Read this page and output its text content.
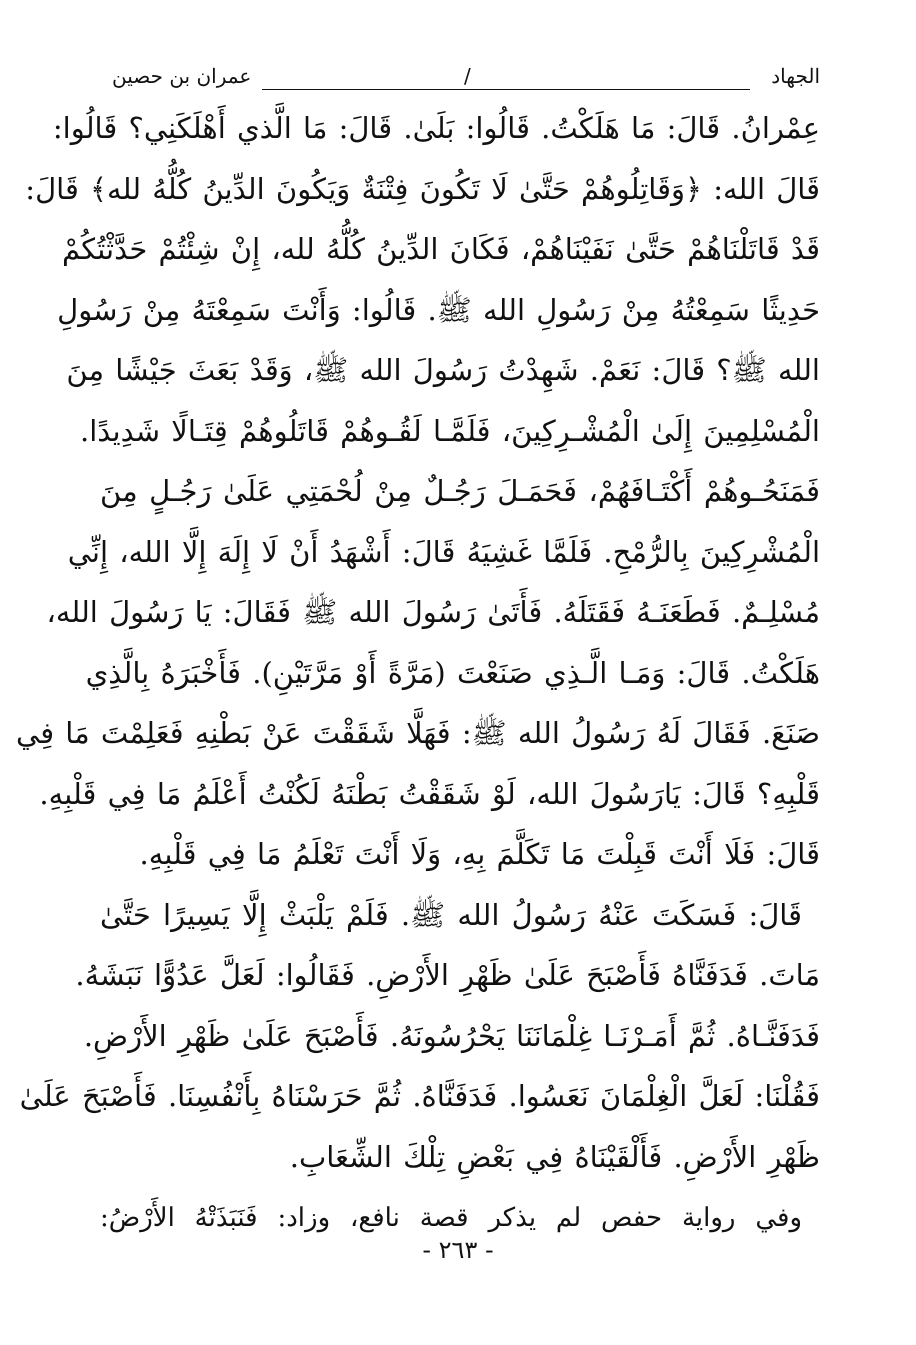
الجهاد
/
عمران بن حصين
عِمْرانُ. قَالَ: مَا هَلَكْتُ. قَالُوا: بَلَىٰ. قَالَ: مَا الَّذي أَهْلَكَنِي؟ قَالُوا:
قَالَ الله: ﴿وَقَاتِلُوهُمْ حَتَّىٰ لَا تَكُونَ فِتْنَةٌ وَيَكُونَ الدِّينُ كُلُّهُ لله﴾ قَالَ:
قَدْ قَاتَلْنَاهُمْ حَتَّىٰ نَفَيْنَاهُمْ، فَكَانَ الدِّينُ كُلُّهُ لله، إِنْ شِئْتُمْ حَدَّثْتُكُمْ
حَدِيثًا سَمِعْتُهُ مِنْ رَسُولِ الله ﷺ. قَالُوا: وَأَنْتَ سَمِعْتَهُ مِنْ رَسُولِ
الله ﷺ؟ قَالَ: نَعَمْ. شَهِدْتُ رَسُولَ الله ﷺ، وَقَدْ بَعَثَ جَيْشًا مِنَ
الْمُسْلِمِينَ إِلَىٰ الْمُشْـرِكِينَ، فَلَمَّـا لَقُـوهُمْ قَاتَلُوهُمْ قِتَـالًا شَدِيدًا.
فَمَنَحُـوهُمْ أَكْتَـافَهُمْ، فَحَمَـلَ رَجُـلٌ مِنْ لُحْمَتِي عَلَىٰ رَجُـلٍ مِنَ
الْمُشْرِكِينَ بِالرُّمْحِ. فَلَمَّا غَشِيَهُ قَالَ: أَشْهَدُ أَنْ لَا إِلَهَ إِلَّا الله، إِنِّي
مُسْلِـمٌ. فَطَعَنَـهُ فَقَتَلَهُ. فَأَتَىٰ رَسُولَ الله ﷺ فَقَالَ: يَا رَسُولَ الله،
هَلَكْتُ. قَالَ: وَمَـا الَّـذِي صَنَعْتَ (مَرَّةً أَوْ مَرَّتَيْنِ). فَأَخْبَرَهُ بِالَّذِي
صَنَعَ. فَقَالَ لَهُ رَسُولُ الله ﷺ: فَهَلَّا شَقَقْتَ عَنْ بَطْنِهِ فَعَلِمْتَ مَا فِي
قَلْبِهِ؟ قَالَ: يَارَسُولَ الله، لَوْ شَقَقْتُ بَطْنَهُ لَكُنْتُ أَعْلَمُ مَا فِي قَلْبِهِ.
قَالَ: فَلَا أَنْتَ قَبِلْتَ مَا تَكَلَّمَ بِهِ، وَلَا أَنْتَ تَعْلَمُ مَا فِي قَلْبِهِ.
قَالَ: فَسَكَتَ عَنْهُ رَسُولُ الله ﷺ. فَلَمْ يَلْبَثْ إِلَّا يَسِيرًا حَتَّىٰ
مَاتَ. فَدَفَنَّاهُ فَأَصْبَحَ عَلَىٰ ظَهْرِ الأَرْضِ. فَقَالُوا: لَعَلَّ عَدُوًّا نَبَشَهُ.
فَدَفَنَّـاهُ. ثُمَّ أَمَـرْنَـا غِلْمَانَنَا يَحْرُسُونَهُ. فَأَصْبَحَ عَلَىٰ ظَهْرِ الأَرْضِ.
فَقُلْنَا: لَعَلَّ الْغِلْمَانَ نَعَسُوا. فَدَفَنَّاهُ. ثُمَّ حَرَسْنَاهُ بِأَنْفُسِنَا. فَأَصْبَحَ عَلَىٰ
ظَهْرِ الأَرْضِ. فَأَلْقَيْنَاهُ فِي بَعْضِ تِلْكَ الشِّعَابِ.
وفي رواية حفص لم يذكر قصة نافع، وزاد: فَنَبَذَتْهُ الأَرْضُ:
- ٢٦٣ -
